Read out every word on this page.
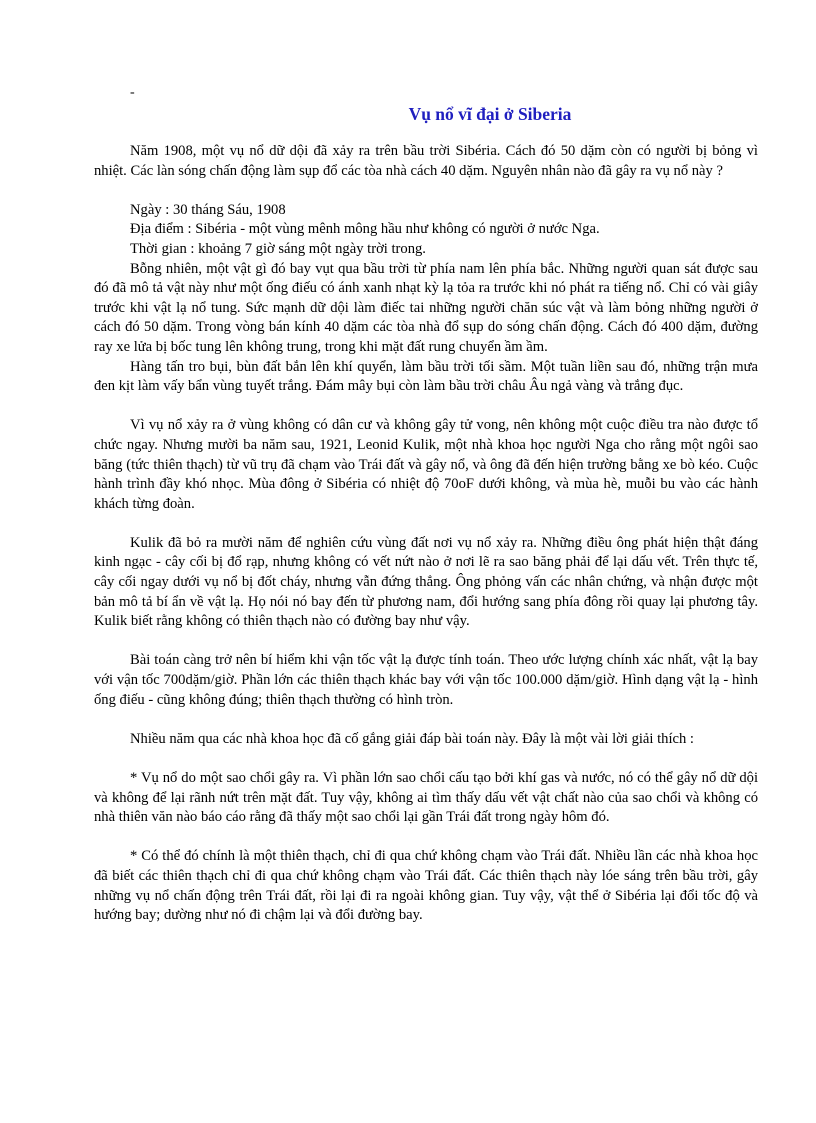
-
Vụ nổ vĩ đại ở Siberia

Năm 1908, một vụ nổ dữ dội đã xảy ra trên bầu trời Sibéria. Cách đó 50 dặm còn có người bị bỏng vì nhiệt. Các làn sóng chấn động làm sụp đổ các tòa nhà cách 40 dặm. Nguyên nhân nào đã gây ra vụ nổ này ?

Ngày : 30 tháng Sáu, 1908
Địa điểm : Sibéria - một vùng mênh mông hầu như không có người ở nước Nga.
Thời gian : khoảng 7 giờ sáng một ngày trời trong.

Bỗng nhiên, một vật gì đó bay vụt qua bầu trời từ phía nam lên phía bắc. Những người quan sát được sau đó đã mô tả vật này như một ống điếu có ánh xanh nhạt kỳ lạ tỏa ra trước khi nó phát ra tiếng nổ. Chỉ có vài giây trước khi vật lạ nổ tung. Sức mạnh dữ dội làm điếc tai những người chăn súc vật và làm bỏng những người ở cách đó 50 dặm. Trong vòng bán kính 40 dặm các tòa nhà đổ sụp do sóng chấn động. Cách đó 400 dặm, đường ray xe lửa bị bốc tung lên không trung, trong khi mặt đất rung chuyển ầm ầm.

Hàng tấn tro bụi, bùn đất bắn lên khí quyển, làm bầu trời tối sầm. Một tuần liền sau đó, những trận mưa đen kịt làm vấy bẩn vùng tuyết trắng. Đám mây bụi còn làm bầu trời châu Âu ngả vàng và trắng đục.

Vì vụ nổ xảy ra ở vùng không có dân cư và không gây tử vong, nên không một cuộc điều tra nào được tổ chức ngay. Nhưng mười ba năm sau, 1921, Leonid Kulik, một nhà khoa học người Nga cho rằng một ngôi sao băng (tức thiên thạch) từ vũ trụ đã chạm vào Trái đất và gây nổ, và ông đã đến hiện trường bằng xe bò kéo. Cuộc hành trình đầy khó nhọc. Mùa đông ở Sibéria có nhiệt độ 70oF dưới không, và mùa hè, muỗi bu vào các hành khách từng đoàn.

Kulik đã bỏ ra mười năm để nghiên cứu vùng đất nơi vụ nổ xảy ra. Những điều ông phát hiện thật đáng kinh ngạc - cây cối bị đổ rạp, nhưng không có vết nứt nào ở nơi lẽ ra sao băng phải để lại dấu vết. Trên thực tế, cây cối ngay dưới vụ nổ bị đốt cháy, nhưng vẫn đứng thẳng. Ông phỏng vấn các nhân chứng, và nhận được một bản mô tả bí ẩn về vật lạ. Họ nói nó bay đến từ phương nam, đổi hướng sang phía đông rồi quay lại phương tây. Kulik biết rằng không có thiên thạch nào có đường bay như vậy.

Bài toán càng trở nên bí hiểm khi vận tốc vật lạ được tính toán. Theo ước lượng chính xác nhất, vật lạ bay với vận tốc 700dặm/giờ. Phần lớn các thiên thạch khác bay với vận tốc 100.000 dặm/giờ. Hình dạng vật lạ - hình ống điếu - cũng không đúng; thiên thạch thường có hình tròn.

Nhiều năm qua các nhà khoa học đã cố gắng giải đáp bài toán này. Đây là một vài lời giải thích :

* Vụ nổ do một sao chổi gây ra. Vì phần lớn sao chổi cấu tạo bởi khí gas và nước, nó có thể gây nổ dữ dội và không để lại rãnh nứt trên mặt đất. Tuy vậy, không ai tìm thấy dấu vết vật chất nào của sao chổi và không có nhà thiên văn nào báo cáo rằng đã thấy một sao chổi lại gần Trái đất trong ngày hôm đó.

* Có thể đó chính là một thiên thạch, chỉ đi qua chứ không chạm vào Trái đất. Nhiều lần các nhà khoa học đã biết các thiên thạch chỉ đi qua chứ không chạm vào Trái đất. Các thiên thạch này lóe sáng trên bầu trời, gây những vụ nổ chấn động trên Trái đất, rồi lại đi ra ngoài không gian. Tuy vậy, vật thể ở Sibéria lại đổi tốc độ và hướng bay; dường như nó đi chậm lại và đổi đường bay.
